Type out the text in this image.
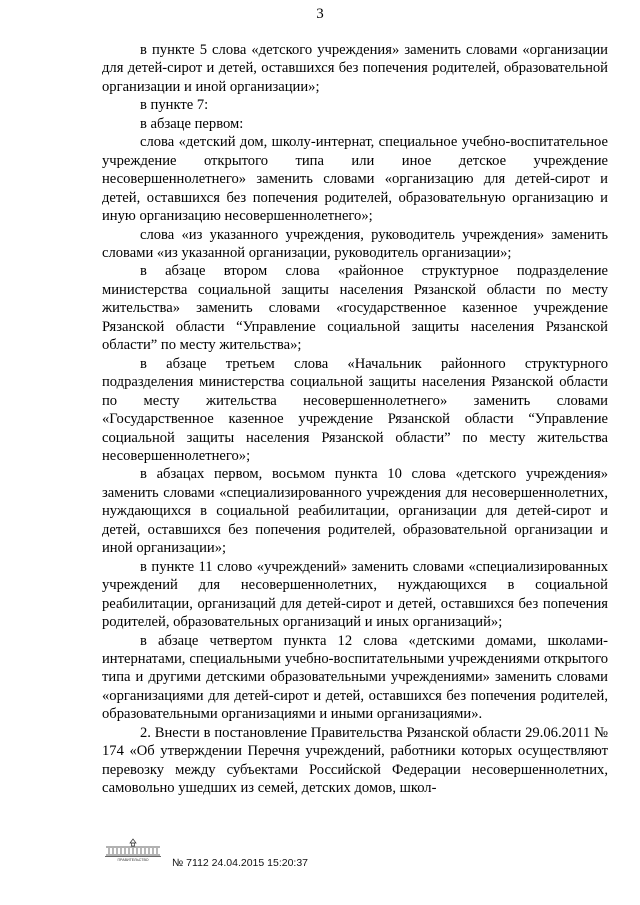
3

в пункте 5 слова «детского учреждения» заменить словами «организации для детей-сирот и детей, оставшихся без попечения родителей, образовательной организации и иной организации»;

в пункте 7:

в абзаце первом:

слова «детский дом, школу-интернат, специальное учебно-воспитательное учреждение открытого типа или иное детское учреждение несовершеннолетнего» заменить словами «организацию для детей-сирот и детей, оставшихся без попечения родителей, образовательную организацию и иную организацию несовершеннолетнего»;

слова «из указанного учреждения, руководитель учреждения» заменить словами «из указанной организации, руководитель организации»;

в абзаце втором слова «районное структурное подразделение министерства социальной защиты населения Рязанской области по месту жительства» заменить словами «государственное казенное учреждение Рязанской области “Управление социальной защиты населения Рязанской области” по месту жительства»;

в абзаце третьем слова «Начальник районного структурного подразделения министерства социальной защиты населения Рязанской области по месту жительства несовершеннолетнего» заменить словами «Государственное казенное учреждение Рязанской области “Управление социальной защиты населения Рязанской области” по месту жительства несовершеннолетнего»;

в абзацах первом, восьмом пункта 10 слова «детского учреждения» заменить словами «специализированного учреждения для несовершеннолетних, нуждающихся в социальной реабилитации, организации для детей-сирот и детей, оставшихся без попечения родителей, образовательной организации и иной организации»;

в пункте 11 слово «учреждений» заменить словами «специализированных учреждений для несовершеннолетних, нуждающихся в социальной реабилитации, организаций для детей-сирот и детей, оставшихся без попечения родителей, образовательных организаций и иных организаций»;

в абзаце четвертом пункта 12 слова «детскими домами, школами-интернатами, специальными учебно-воспитательными учреждениями открытого типа и другими детскими образовательными учреждениями» заменить словами «организациями для детей-сирот и детей, оставшихся без попечения родителей, образовательными организациями и иными организациями».

2. Внести в постановление Правительства Рязанской области 29.06.2011 № 174 «Об утверждении Перечня учреждений, работники которых осуществляют перевозку между субъектами Российской Федерации несовершеннолетних, самовольно ушедших из семей, детских домов, школ-

ПРАВИТЕЛЬСТВО № 7112 24.04.2015 15:20:37
